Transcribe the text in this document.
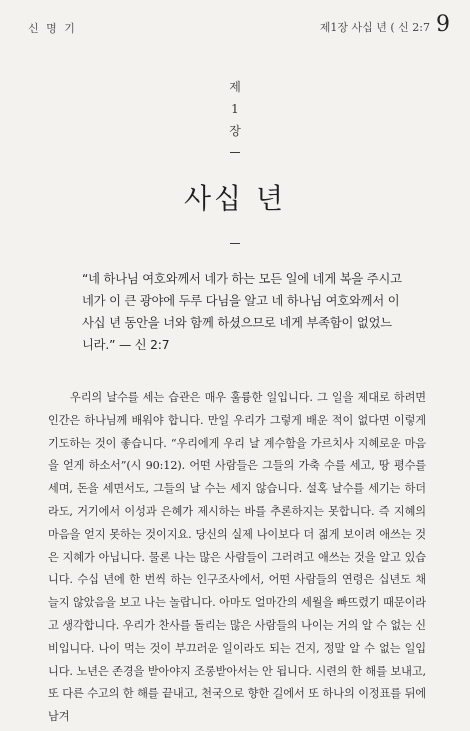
신 명 기	제1장 사십 년 ( 신 2:7 9
제
1
장
사십 년
“네 하나님 여호와께서 네가 하는 모든 일에 네게 복을 주시고 네가 이 큰 광야에 두루 다님을 알고 네 하나님 여호와께서 이 사십 년 동안을 너와 함께 하셨으므로 네게 부족함이 없었느니라.” — 신 2:7

우리의 날수를 세는 습관은 매우 훌륭한 일입니다. 그 일을 제대로 하려면 인간은 하나님께 배워야 합니다. 만일 우리가 그렇게 배운 적이 없다면 이렇게 기도하는 것이 좋습니다. “우리에게 우리 날 계수함을 가르치사 지혜로운 마음을 얻게 하소서”(시 90:12). 어떤 사람들은 그들의 가축 수를 세고, 땅 평수를 세며, 돈을 세면서도, 그들의 날 수는 세지 않습니다. 설혹 날수를 세기는 하더라도, 거기에서 이성과 은혜가 제시하는 바를 추론하지는 못합니다. 즉 지혜의 마음을 얻지 못하는 것이지요. 당신의 실제 나이보다 더 젊게 보이려 애쓰는 것은 지혜가 아닙니다. 물론 나는 많은 사람들이 그러려고 애쓰는 것을 알고 있습니다. 수십 년에 한 번씩 하는 인구조사에서, 어떤 사람들의 연령은 십년도 채 늘지 않았음을 보고 나는 놀랍니다. 아마도 얼마간의 세월을 빠뜨렸기 때문이라고 생각합니다. 우리가 찬사를 돌리는 많은 사람들의 나이는 거의 알 수 없는 신비입니다. 나이 먹는 것이 부끄러운 일이라도 되는 건지, 정말 알 수 없는 일입니다. 노년은 존경을 받아야지 조롱받아서는 안 됩니다. 시련의 한 해를 보내고, 또 다른 수고의 한 해를 끝내고, 천국으로 향한 길에서 또 하나의 이정표를 뒤에 남겨
